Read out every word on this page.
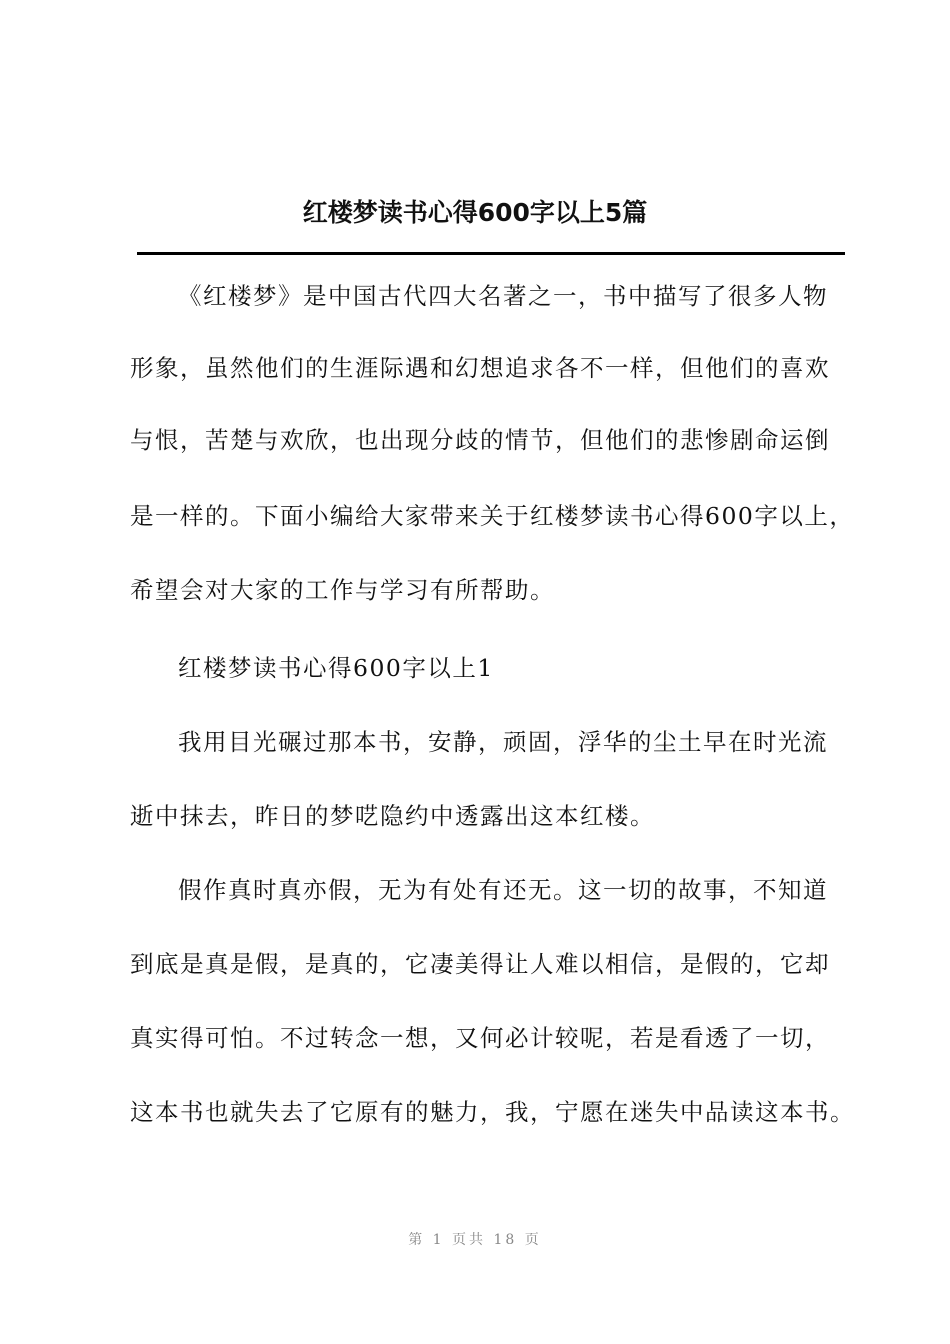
红楼梦读书心得600字以上5篇
《红楼梦》是中国古代四大名著之一，书中描写了很多人物
形象，虽然他们的生涯际遇和幻想追求各不一样，但他们的喜欢
与恨，苦楚与欢欣，也出现分歧的情节，但他们的悲惨剧命运倒
是一样的。下面小编给大家带来关于红楼梦读书心得600字以上，
希望会对大家的工作与学习有所帮助。
红楼梦读书心得600字以上1
我用目光碾过那本书，安静，顽固，浮华的尘土早在时光流
逝中抹去，昨日的梦呓隐约中透露出这本红楼。
假作真时真亦假，无为有处有还无。这一切的故事，不知道
到底是真是假，是真的，它凄美得让人难以相信，是假的，它却
真实得可怕。不过转念一想，又何必计较呢，若是看透了一切，
这本书也就失去了它原有的魅力，我，宁愿在迷失中品读这本书。
第 1 页共 18 页
